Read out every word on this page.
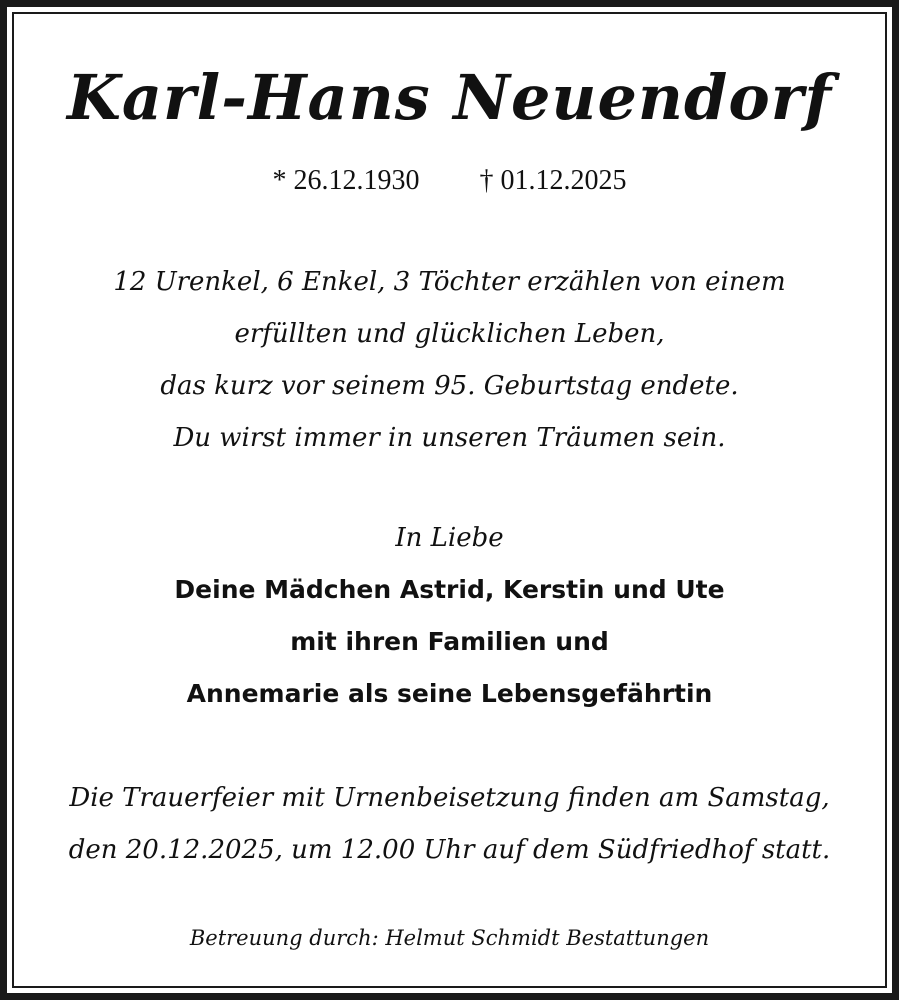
Karl-Hans Neuendorf
* 26.12.1930 † 01.12.2025
12 Urenkel, 6 Enkel, 3 Töchter erzählen von einem
erfüllten und glücklichen Leben,
das kurz vor seinem 95. Geburtstag endete.
Du wirst immer in unseren Träumen sein.
In Liebe
Deine Mädchen Astrid, Kerstin und Ute
mit ihren Familien und
Annemarie als seine Lebensgefährtin
Die Trauerfeier mit Urnenbeisetzung finden am Samstag,
den 20.12.2025, um 12.00 Uhr auf dem Südfriedhof statt.
Betreuung durch: Helmut Schmidt Bestattungen
